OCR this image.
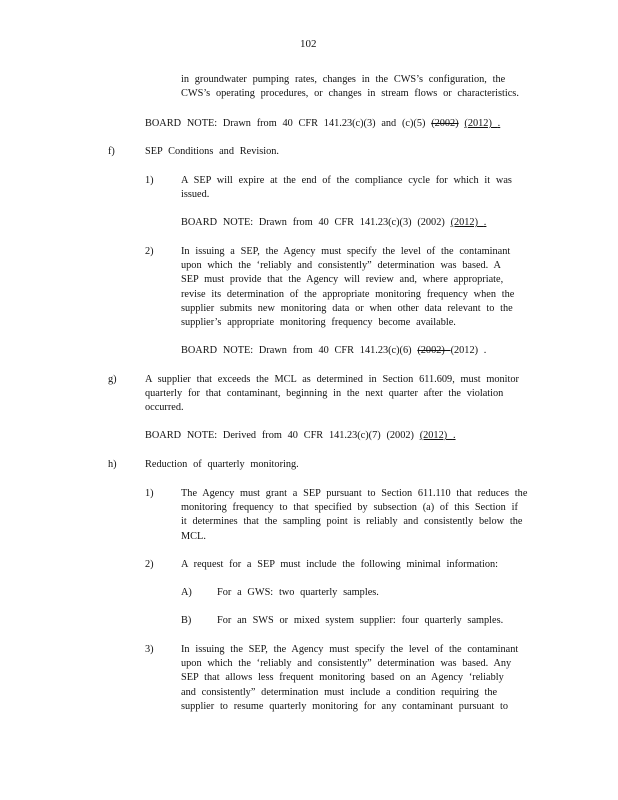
102
in groundwater pumping rates, changes in the CWS’s configuration, the
CWS’s operating procedures, or changes in stream flows or characteristics.
BOARD NOTE: Drawn from 40 CFR 141.23(c)(3) and (c)(5) (2002) (2012) .
f)	SEP Conditions and Revision.
1)	A SEP will expire at the end of the compliance cycle for which it was
issued.
BOARD NOTE: Drawn from 40 CFR 141.23(c)(3) (2002) (2012) .
2)	In issuing a SEP, the Agency must specify the level of the contaminant
upon which the ‘reliably and consistently” determination was based. A
SEP must provide that the Agency will review and, where appropriate,
revise its determination of the appropriate monitoring frequency when the
supplier submits new monitoring data or when other data relevant to the
supplier’s appropriate monitoring frequency become available.
BOARD NOTE: Drawn from 40 CFR 141.23(c)(6) (2002) (2012) .
g)	A supplier that exceeds the MCL as determined in Section 611.609, must monitor
quarterly for that contaminant, beginning in the next quarter after the violation
occurred.
BOARD NOTE: Derived from 40 CFR 141.23(c)(7) (2002) (2012) .
h)	Reduction of quarterly monitoring.
1)	The Agency must grant a SEP pursuant to Section 611.110 that reduces the
monitoring frequency to that specified by subsection (a) of this Section if
it determines that the sampling point is reliably and consistently below the
MCL.
2)	A request for a SEP must include the following minimal information:
A) For a GWS: two quarterly samples.
B) For an SWS or mixed system supplier: four quarterly samples.
3)	In issuing the SEP, the Agency must specify the level of the contaminant
upon which the ‘reliably and consistently” determination was based. Any
SEP that allows less frequent monitoring based on an Agency ‘reliably
and consistently” determination must include a condition requiring the
supplier to resume quarterly monitoring for any contaminant pursuant to
